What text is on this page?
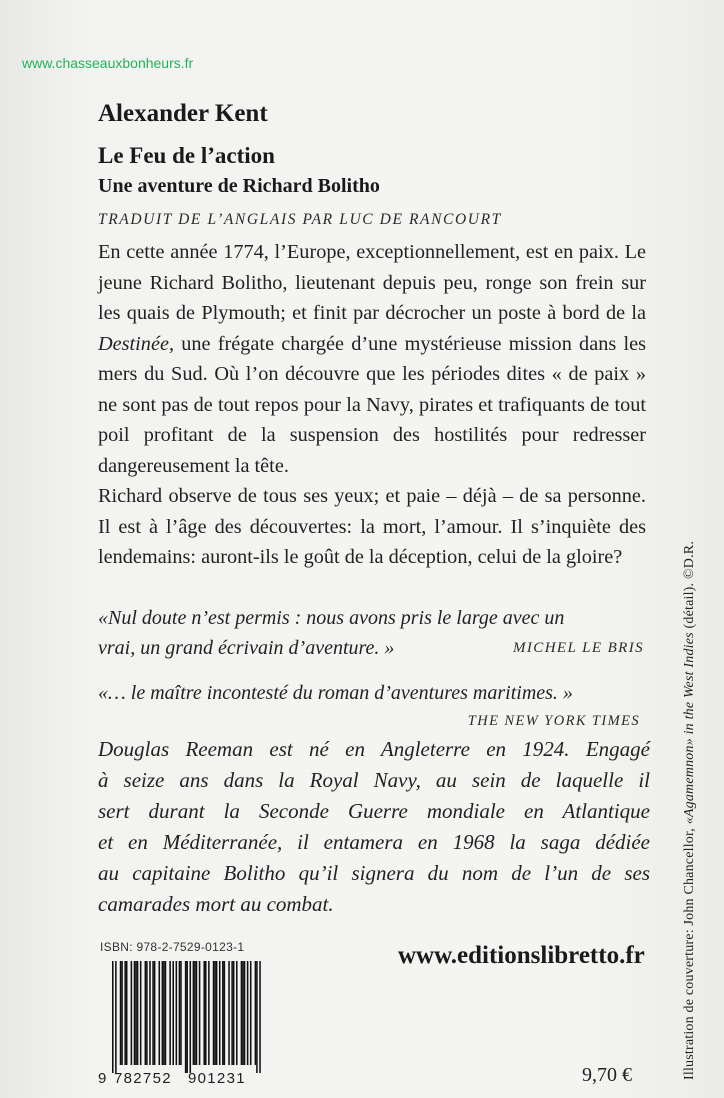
www.chasseauxbonheurs.fr
Alexander Kent
Le Feu de l’action
Une aventure de Richard Bolitho
TRADUIT DE L’ANGLAIS PAR LUC DE RANCOURT

En cette année 1774, l’Europe, exceptionnellement, est en paix. Le jeune Richard Bolitho, lieutenant depuis peu, ronge son frein sur les quais de Plymouth; et finit par décrocher un poste à bord de la Destinée, une frégate chargée d’une mystérieuse mission dans les mers du Sud. Où l’on découvre que les périodes dites « de paix » ne sont pas de tout repos pour la Navy, pirates et trafiquants de tout poil profitant de la suspension des hostilités pour redresser dangereusement la tête.

Richard observe de tous ses yeux; et paie – déjà – de sa personne. Il est à l’âge des découvertes: la mort, l’amour. Il s’inquiète des lendemains: auront-ils le goût de la déception, celui de la gloire?

«Nul doute n’est permis : nous avons pris le large avec un
vrai, un grand écrivain d’aventure. »	MICHEL LE BRIS
«… le maître incontesté du roman d’aventures maritimes. »
THE NEW YORK TIMES
Douglas Reeman est né en Angleterre en 1924. Engagé
à seize ans dans la Royal Navy, au sein de laquelle il
sert durant la Seconde Guerre mondiale en Atlantique
et en Méditerranée, il entamera en 1968 la saga dédiée
au capitaine Bolitho qu’il signera du nom de l’un de ses
camarades mort au combat.
ISBN: 978-2-7529-0123-1
9 782752 901231
www.editionslibretto.fr
9,70 €	Illustration de couverture: John Chancellor, «Agamemnon» in the West Indies (détail). ©D.R.
